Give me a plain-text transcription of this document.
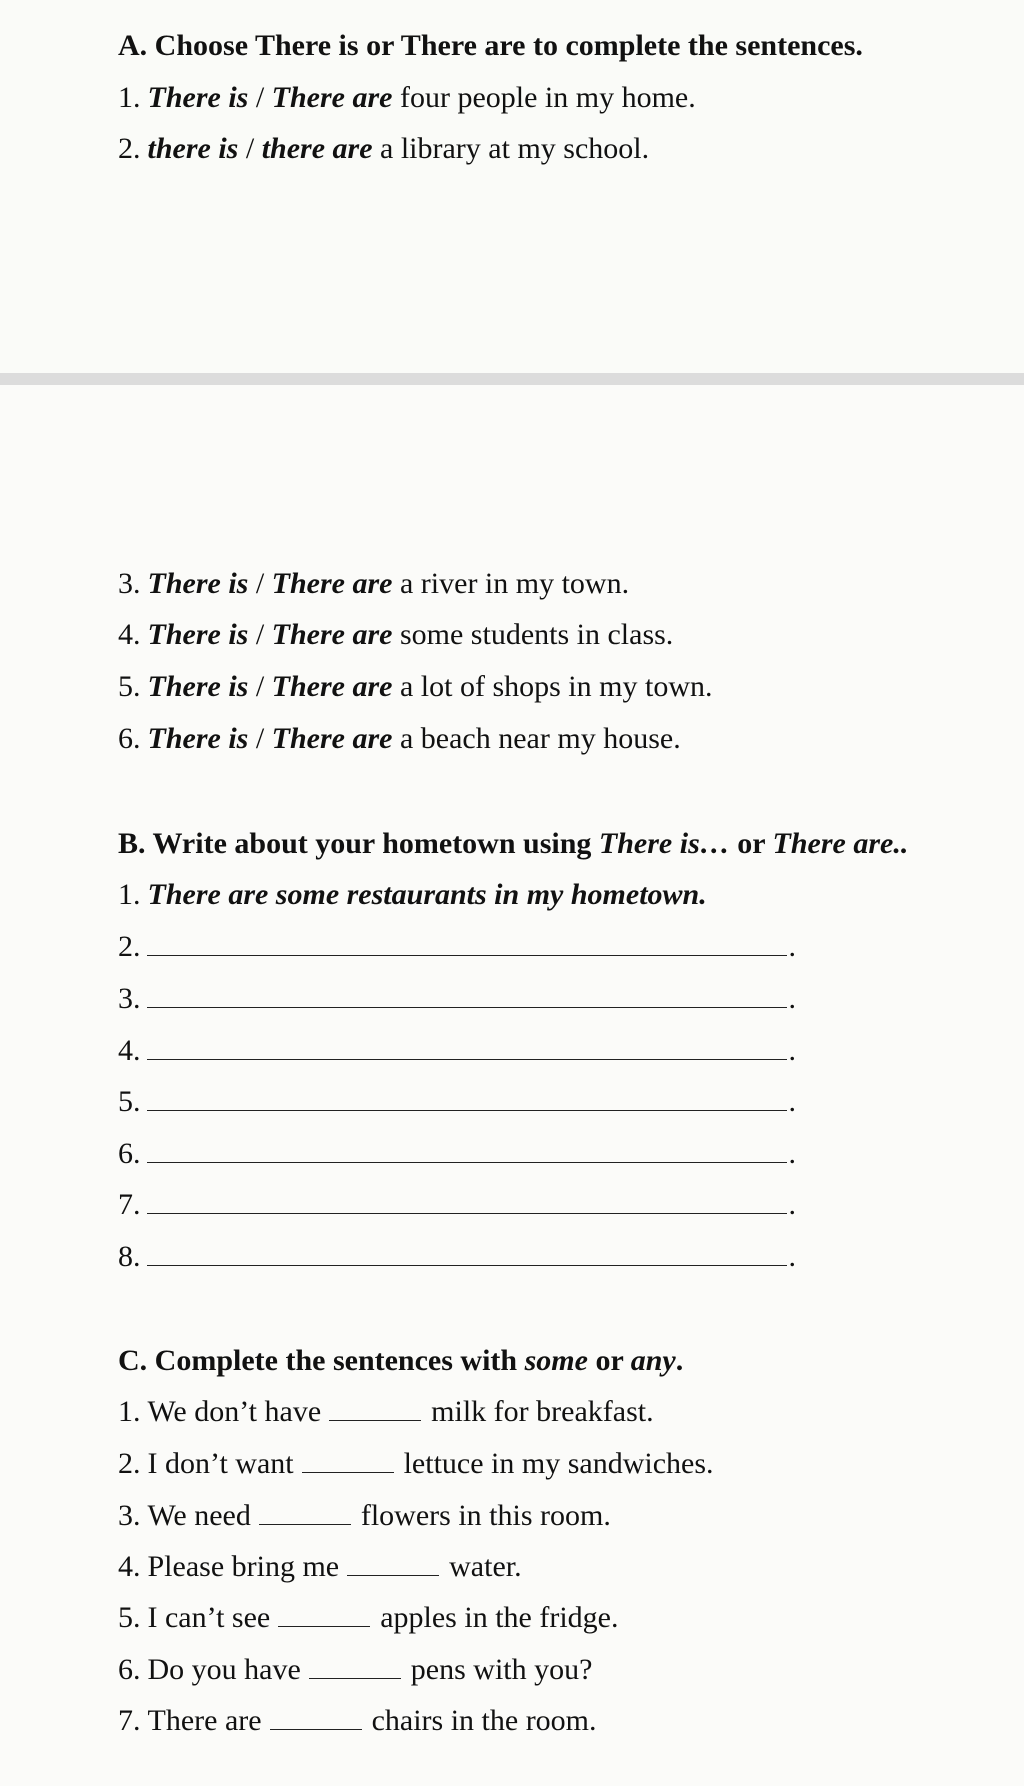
A. Choose There is or There are to complete the sentences.
1. There is / There are four people in my home.
2. there is / there are a library at my school.
3. There is / There are a river in my town.
4. There is / There are some students in class.
5. There is / There are a lot of shops in my town.
6. There is / There are a beach near my house.
B. Write about your hometown using There is… or There are..
1. There are some restaurants in my hometown.
2.	.
3.	.
4.	.
5.	.
6.	.
7.	.
8.	.
C. Complete the sentences with some or any.
1. We don’t have	milk for breakfast.
2. I don’t want	lettuce in my sandwiches.
3. We need	flowers in this room.
4. Please bring me	water.
5. I can’t see	apples in the fridge.
6. Do you have	pens with you?
7. There are	chairs in the room.
